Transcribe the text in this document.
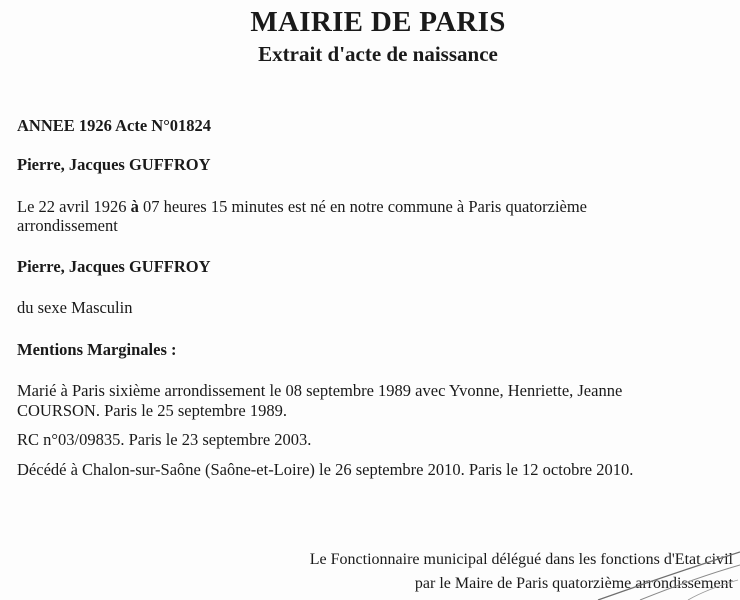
MAIRIE DE PARIS
Extrait d'acte de naissance

ANNEE 1926 Acte N°01824

Pierre, Jacques GUFFROY

Le 22 avril 1926 à 07 heures 15 minutes est né en notre commune à Paris quatorzième

arrondissement

Pierre, Jacques GUFFROY

du sexe Masculin

Mentions Marginales :

Marié à Paris sixième arrondissement le 08 septembre 1989 avec Yvonne, Henriette, Jeanne

COURSON. Paris le 25 septembre 1989.

RC n°03/09835. Paris le 23 septembre 2003.

Décédé à Chalon-sur-Saône (Saône-et-Loire) le 26 septembre 2010. Paris le 12 octobre 2010.

Le Fonctionnaire municipal délégué dans les fonctions d'Etat civil

par le Maire de Paris quatorzième arrondissement
